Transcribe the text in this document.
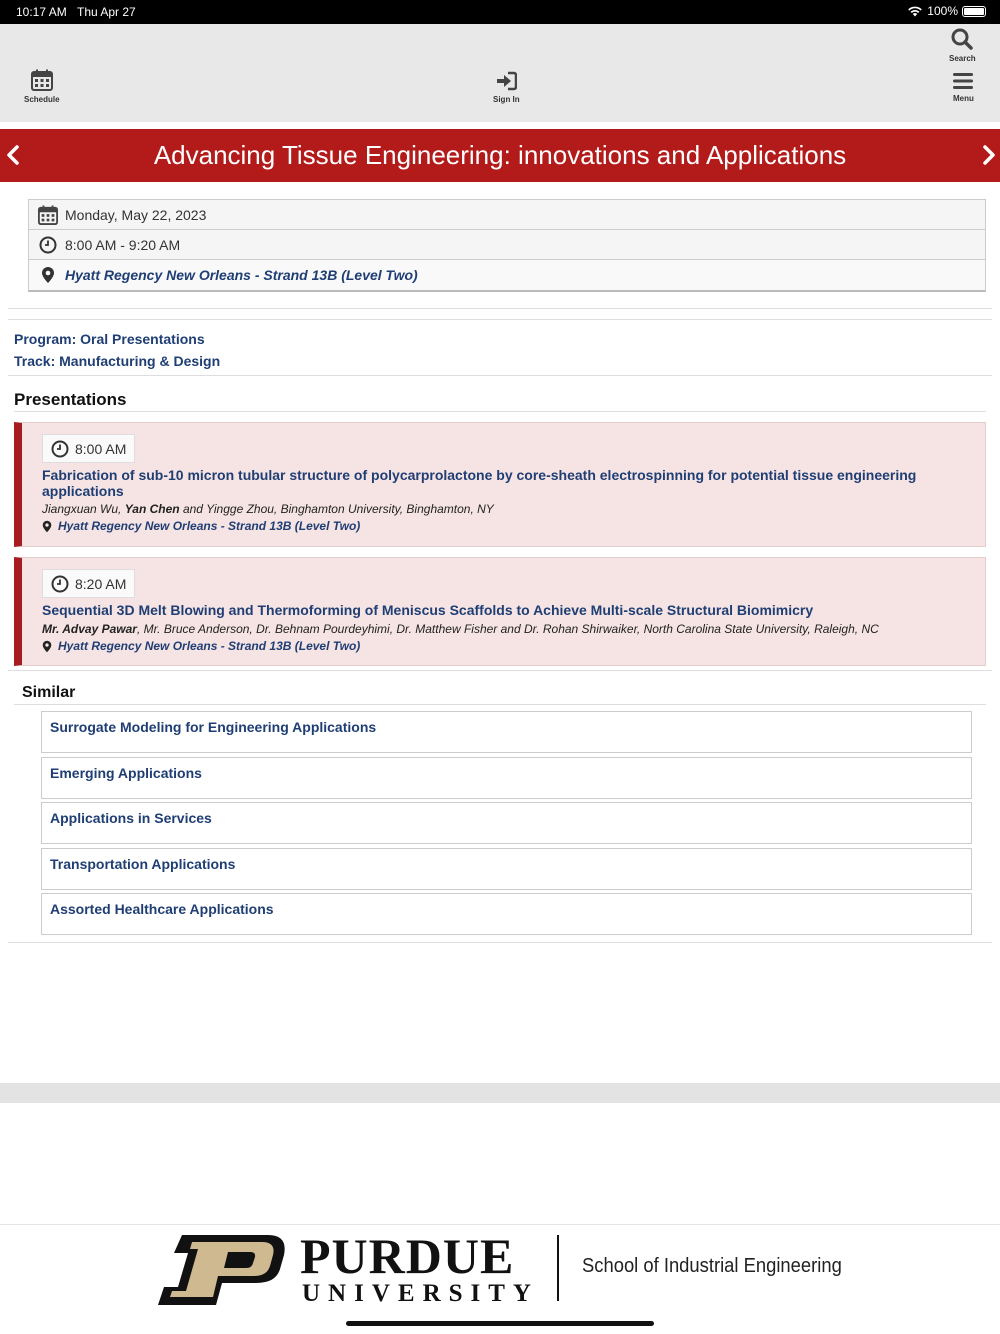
10:17 AM Thu Apr 27	100%
Schedule	Sign In
Search
Menu
Advancing Tissue Engineering: innovations and Applications
Monday, May 22, 2023
8:00 AM - 9:20 AM
Hyatt Regency New Orleans - Strand 13B (Level Two)
Program: Oral Presentations
Track: Manufacturing & Design
Presentations
8:00 AM
Fabrication of sub-10 micron tubular structure of polycarprolactone by core-sheath electrospinning for potential tissue engineering applications
Jiangxuan Wu, Yan Chen and Yingge Zhou, Binghamton University, Binghamton, NY
Hyatt Regency New Orleans - Strand 13B (Level Two)
8:20 AM
Sequential 3D Melt Blowing and Thermoforming of Meniscus Scaffolds to Achieve Multi-scale Structural Biomimicry
Mr. Advay Pawar, Mr. Bruce Anderson, Dr. Behnam Pourdeyhimi, Dr. Matthew Fisher and Dr. Rohan Shirwaiker, North Carolina State University, Raleigh, NC
Hyatt Regency New Orleans - Strand 13B (Level Two)
Similar
Surrogate Modeling for Engineering Applications
Emerging Applications
Applications in Services
Transportation Applications
Assorted Healthcare Applications
PURDUE
UNIVERSITY
School of Industrial Engineering
